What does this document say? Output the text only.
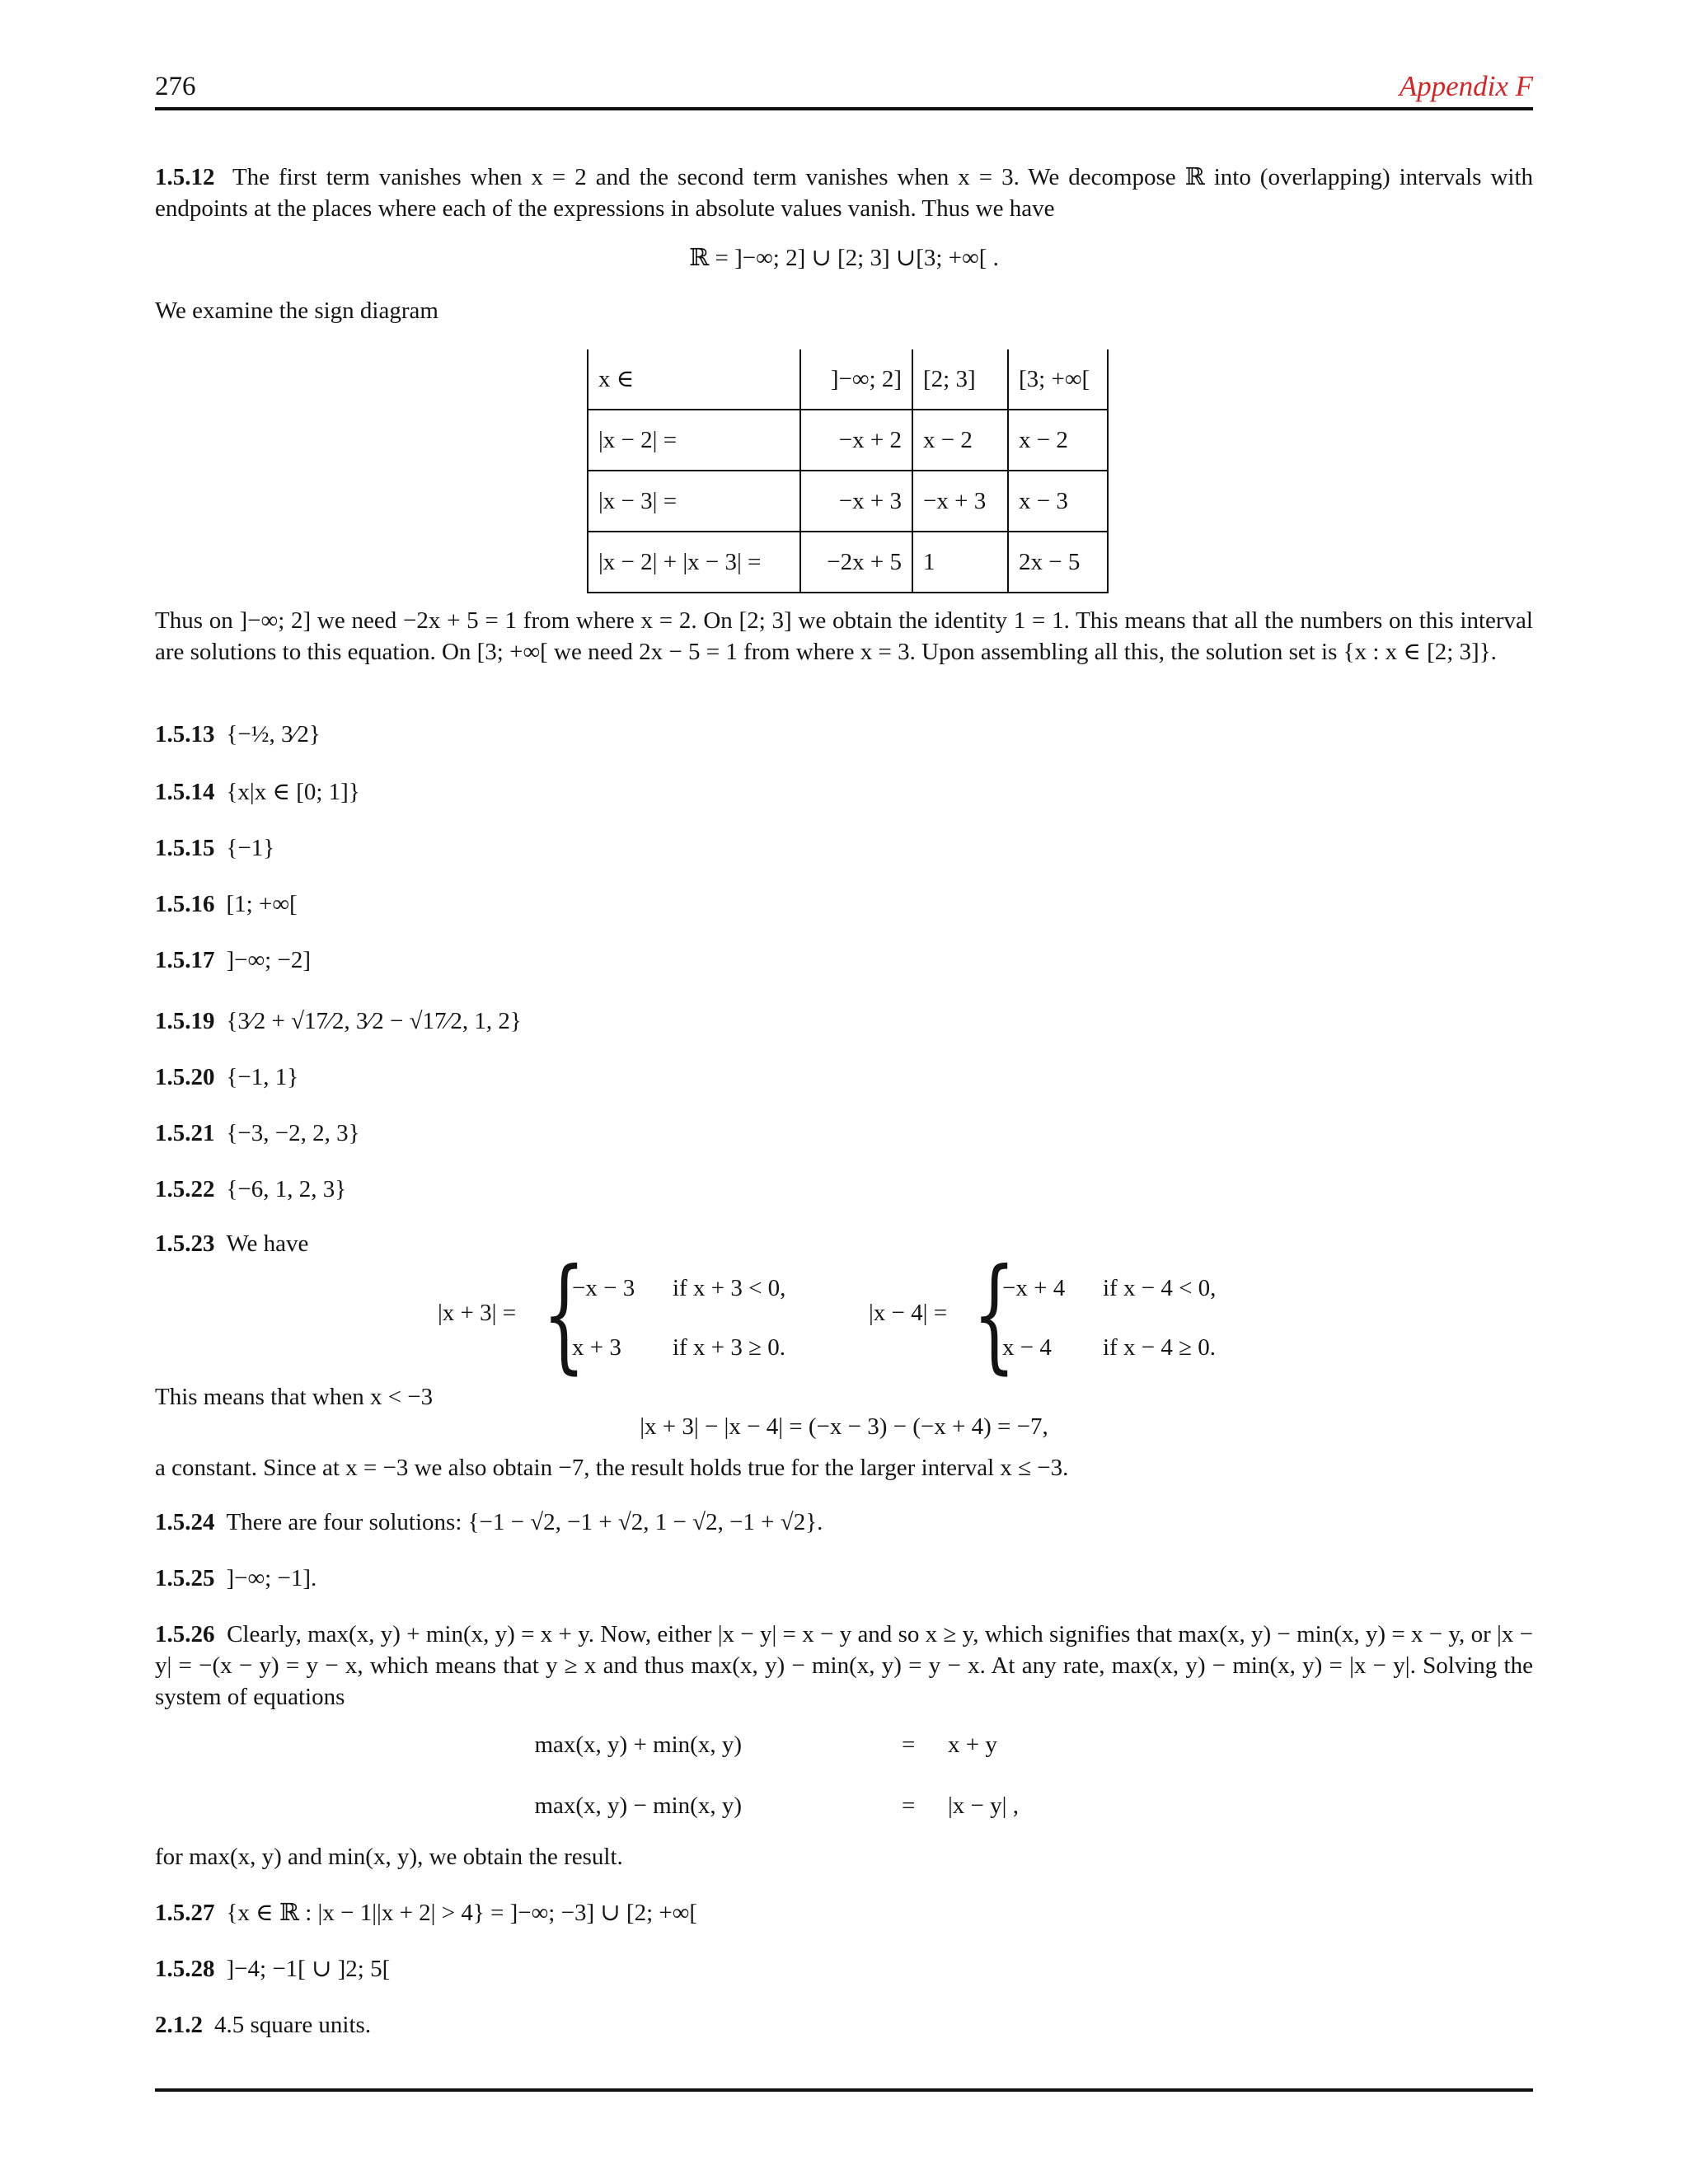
276	Appendix F

1.5.12 The first term vanishes when x = 2 and the second term vanishes when x = 3. We decompose ℝ into (overlapping) intervals with endpoints at the places where each of the expressions in absolute values vanish. Thus we have

ℝ = ]−∞; 2] ∪ [2; 3] ∪[3; +∞[ .
We examine the sign diagram
x ∈	]−∞; 2]	[2; 3]	[3; +∞[
|x − 2| =	−x + 2	x − 2	x − 2
|x − 3| =	−x + 3	−x + 3	x − 3
|x − 2| + |x − 3| =	−2x + 5	1	2x − 5
Thus on ]−∞; 2] we need −2x + 5 = 1 from where x = 2. On [2; 3] we obtain the identity 1 = 1. This means that all the numbers on this interval are solutions to this equation. On [3; +∞[ we need 2x − 5 = 1 from where x = 3. Upon assembling all this, the solution set is {x : x ∈ [2; 3]}.
1.5.13 {−½, 3⁄2}
1.5.14 {x|x ∈ [0; 1]}
1.5.15 {−1}
1.5.16 [1; +∞[
1.5.17 ]−∞; −2]
1.5.19 {3⁄2 + √17⁄2, 3⁄2 − √17⁄2, 1, 2}
1.5.20 {−1, 1}
1.5.21 {−3, −2, 2, 3}
1.5.22 {−6, 1, 2, 3}
1.5.23 We have
|x + 3| = {
−x − 3 if x + 3 < 0,
x + 3 if x + 3 ≥ 0.
|x − 4| = {
−x + 4 if x − 4 < 0,
x − 4 if x − 4 ≥ 0.
This means that when x < −3
|x + 3| − |x − 4| = (−x − 3) − (−x + 4) = −7,
a constant. Since at x = −3 we also obtain −7, the result holds true for the larger interval x ≤ −3.
1.5.24 There are four solutions: {−1 − √2, −1 + √2, 1 − √2, −1 + √2}.
1.5.25 ]−∞; −1].

1.5.26 Clearly, max(x, y) + min(x, y) = x + y. Now, either |x − y| = x − y and so x ≥ y, which signifies that max(x, y) − min(x, y) = x − y, or |x − y| = −(x − y) = y − x, which means that y ≥ x and thus max(x, y) − min(x, y) = y − x. At any rate, max(x, y) − min(x, y) = |x − y|. Solving the system of equations

max(x, y) + min(x, y)	= x + y
max(x, y) − min(x, y)	= |x − y| ,
for max(x, y) and min(x, y), we obtain the result.
1.5.27 {x ∈ ℝ : |x − 1||x + 2| > 4} = ]−∞; −3] ∪ [2; +∞[
1.5.28 ]−4; −1[ ∪ ]2; 5[
2.1.2 4.5 square units.
